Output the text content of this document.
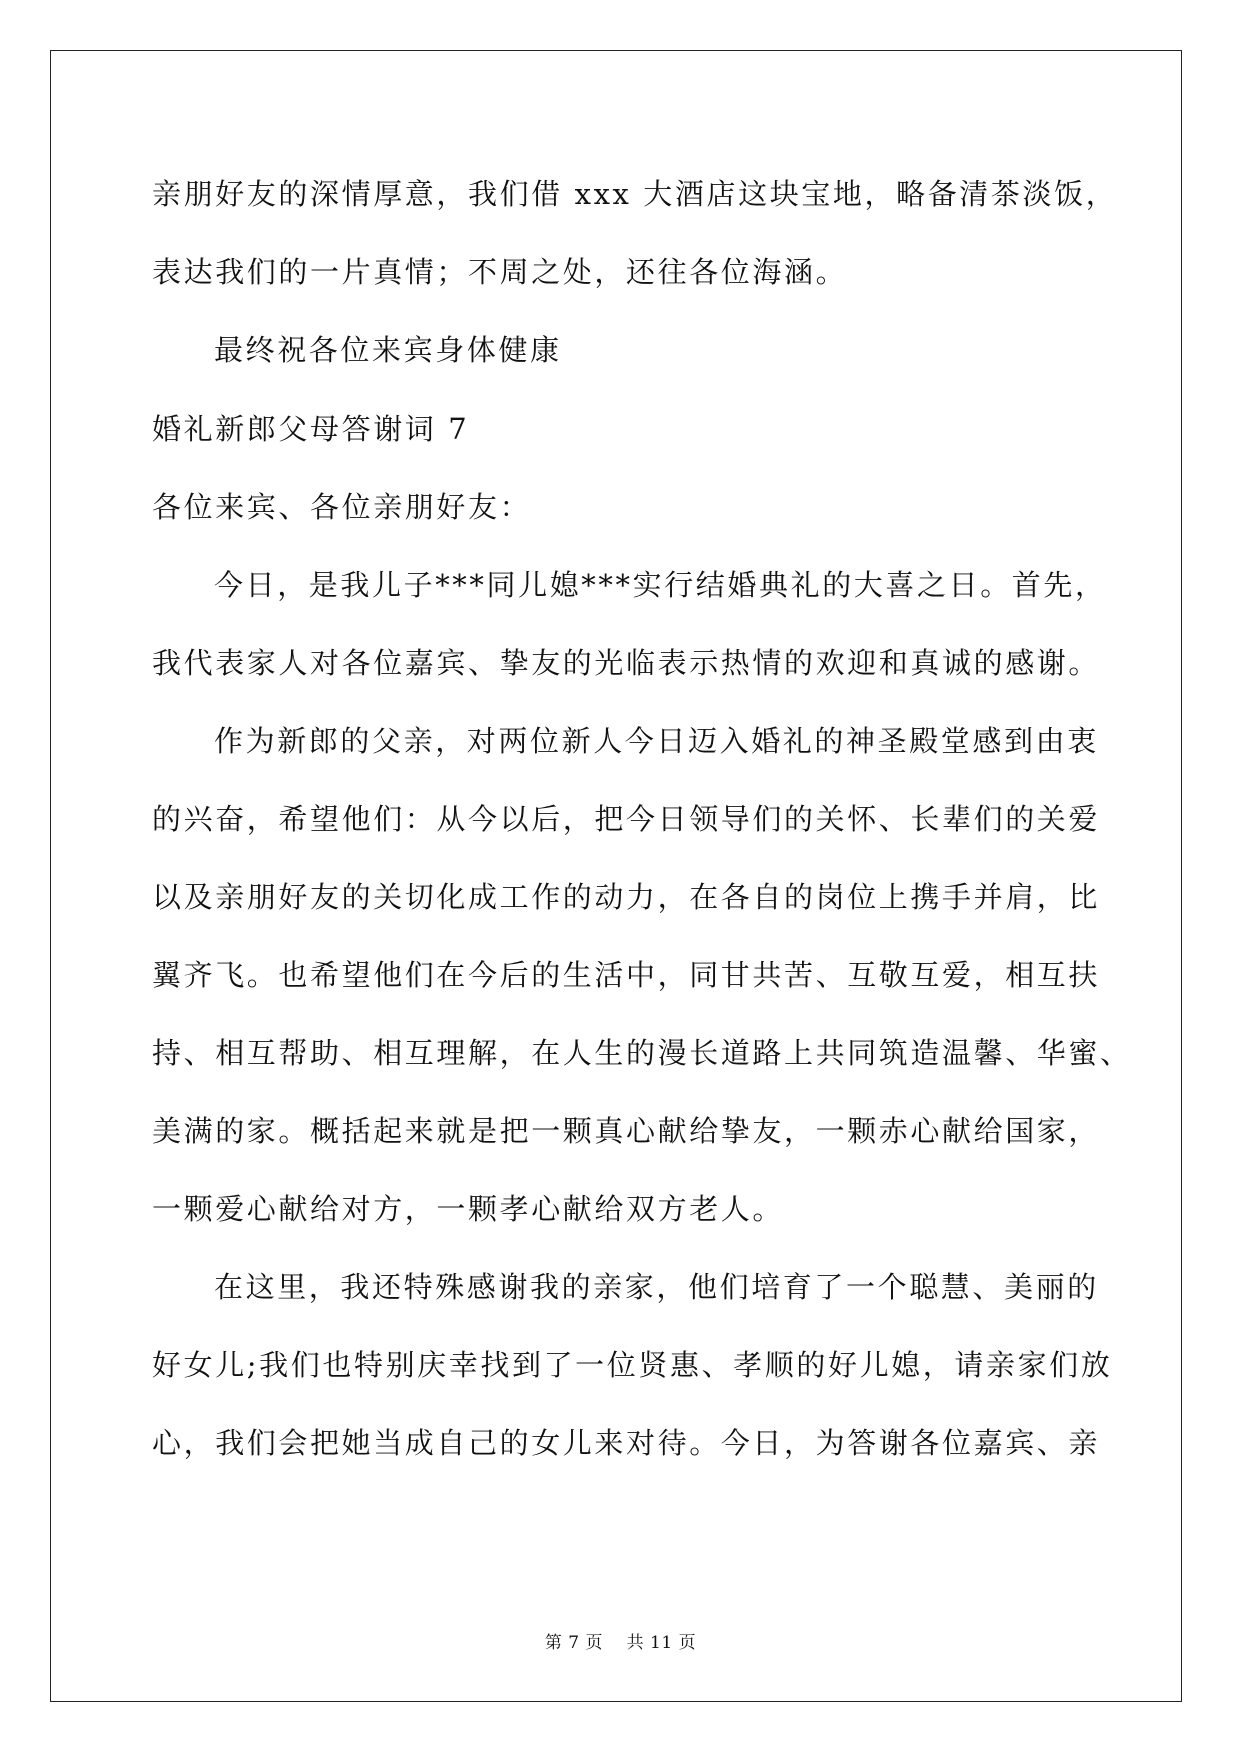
亲朋好友的深情厚意，我们借 xxx 大酒店这块宝地，略备清茶淡饭，
表达我们的一片真情；不周之处，还往各位海涵。
最终祝各位来宾身体健康
婚礼新郎父母答谢词 7
各位来宾、各位亲朋好友：
今日，是我儿子***同儿媳***实行结婚典礼的大喜之日。首先，
我代表家人对各位嘉宾、挚友的光临表示热情的欢迎和真诚的感谢。
作为新郎的父亲，对两位新人今日迈入婚礼的神圣殿堂感到由衷
的兴奋，希望他们：从今以后，把今日领导们的关怀、长辈们的关爱
以及亲朋好友的关切化成工作的动力，在各自的岗位上携手并肩，比
翼齐飞。也希望他们在今后的生活中，同甘共苦、互敬互爱，相互扶
持、相互帮助、相互理解，在人生的漫长道路上共同筑造温馨、华蜜、
美满的家。概括起来就是把一颗真心献给挚友，一颗赤心献给国家，
一颗爱心献给对方，一颗孝心献给双方老人。
在这里，我还特殊感谢我的亲家，他们培育了一个聪慧、美丽的
好女儿;我们也特别庆幸找到了一位贤惠、孝顺的好儿媳，请亲家们放
心，我们会把她当成自己的女儿来对待。今日，为答谢各位嘉宾、亲
第 7 页    共 11 页
